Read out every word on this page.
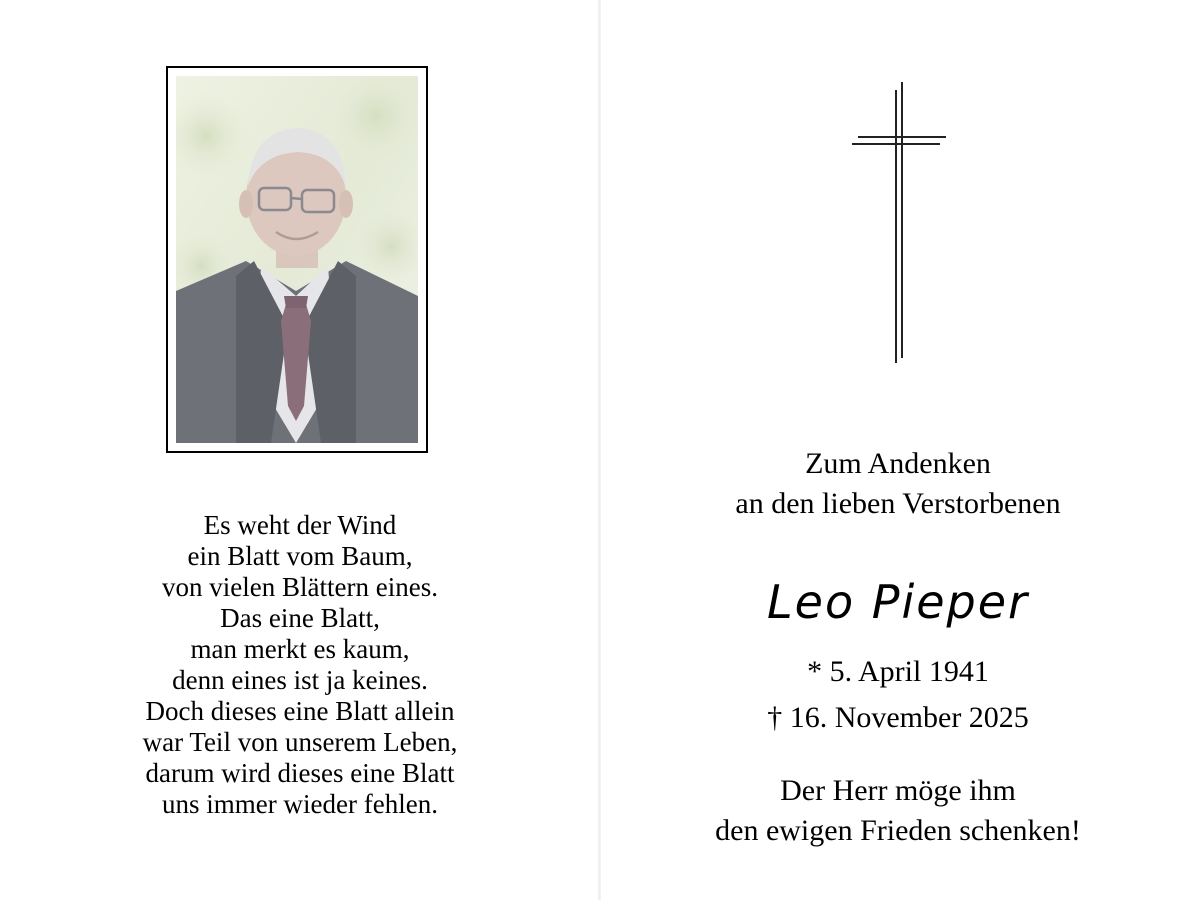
Es weht der Wind
ein Blatt vom Baum,
von vielen Blättern eines.
Das eine Blatt,
man merkt es kaum,
denn eines ist ja keines.
Doch dieses eine Blatt allein
war Teil von unserem Leben,
darum wird dieses eine Blatt
uns immer wieder fehlen.
Zum Andenken
an den lieben Verstorbenen
Leo Pieper
* 5. April 1941
† 16. November 2025
Der Herr möge ihm
den ewigen Frieden schenken!
